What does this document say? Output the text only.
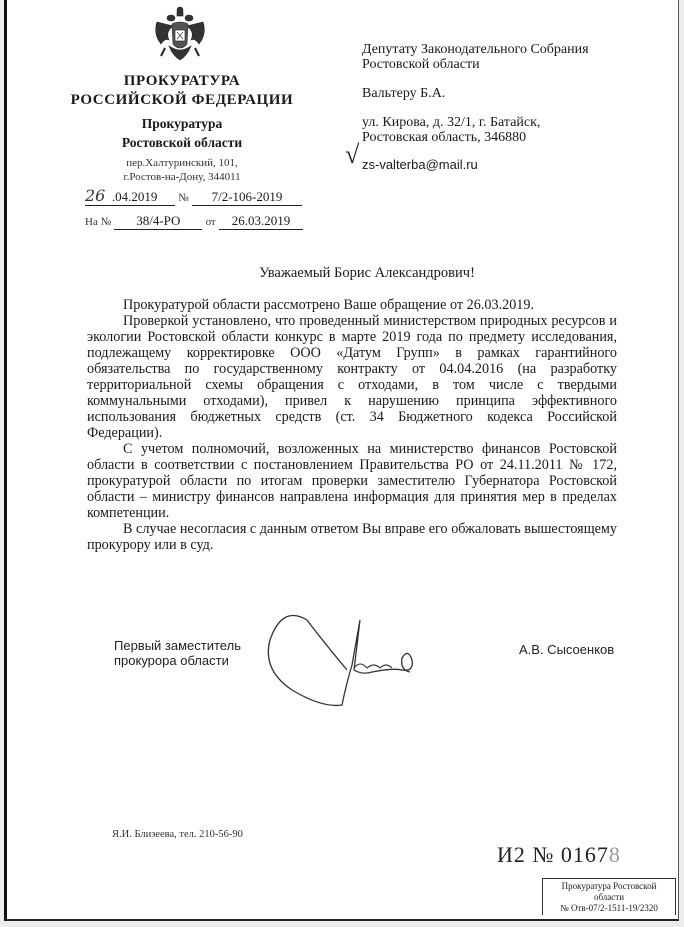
ПРОКУРАТУРА
РОССИЙСКОЙ ФЕДЕРАЦИИ
Прокуратура
Ростовской области
пер.Халтуринский, 101,
г.Ростов-на-Дону, 344011
26 .04.2019 № 7/2-106-2019
На № 38/4-РО от 26.03.2019

Депутату Законодательного Собрания
Ростовской области

Вальтеру Б.А.

ул. Кирова, д. 32/1, г. Батайск,
Ростовская область, 346880

zs-valterba@mail.ru

√
Уважаемый Борис Александрович!

Прокуратурой области рассмотрено Ваше обращение от 26.03.2019.

Проверкой установлено, что проведенный министерством природных ресурсов и экологии Ростовской области конкурс в марте 2019 года по предмету исследования, подлежащему корректировке ООО «Датум Групп» в рамках гарантийного обязательства по государственному контракту от 04.04.2016 (на разработку территориальной схемы обращения с отходами, в том числе с твердыми коммунальными отходами), привел к нарушению принципа эффективного использования бюджетных средств (ст. 34 Бюджетного кодекса Российской Федерации).

С учетом полномочий, возложенных на министерство финансов Ростовской области в соответствии с постановлением Правительства РО от 24.11.2011 № 172, прокуратурой области по итогам проверки заместителю Губернатора Ростовской области – министру финансов направлена информация для принятия мер в пределах компетенции.

В случае несогласия с данным ответом Вы вправе его обжаловать вышестоящему прокурору или в суд.

Первый заместитель
прокурора области
А.В. Сысоенков
Я.И. Близеева, тел. 210-56-90
И2 № 01678
Прокуратура Ростовской
области
№ Отв-07/2-1511-19/2320
